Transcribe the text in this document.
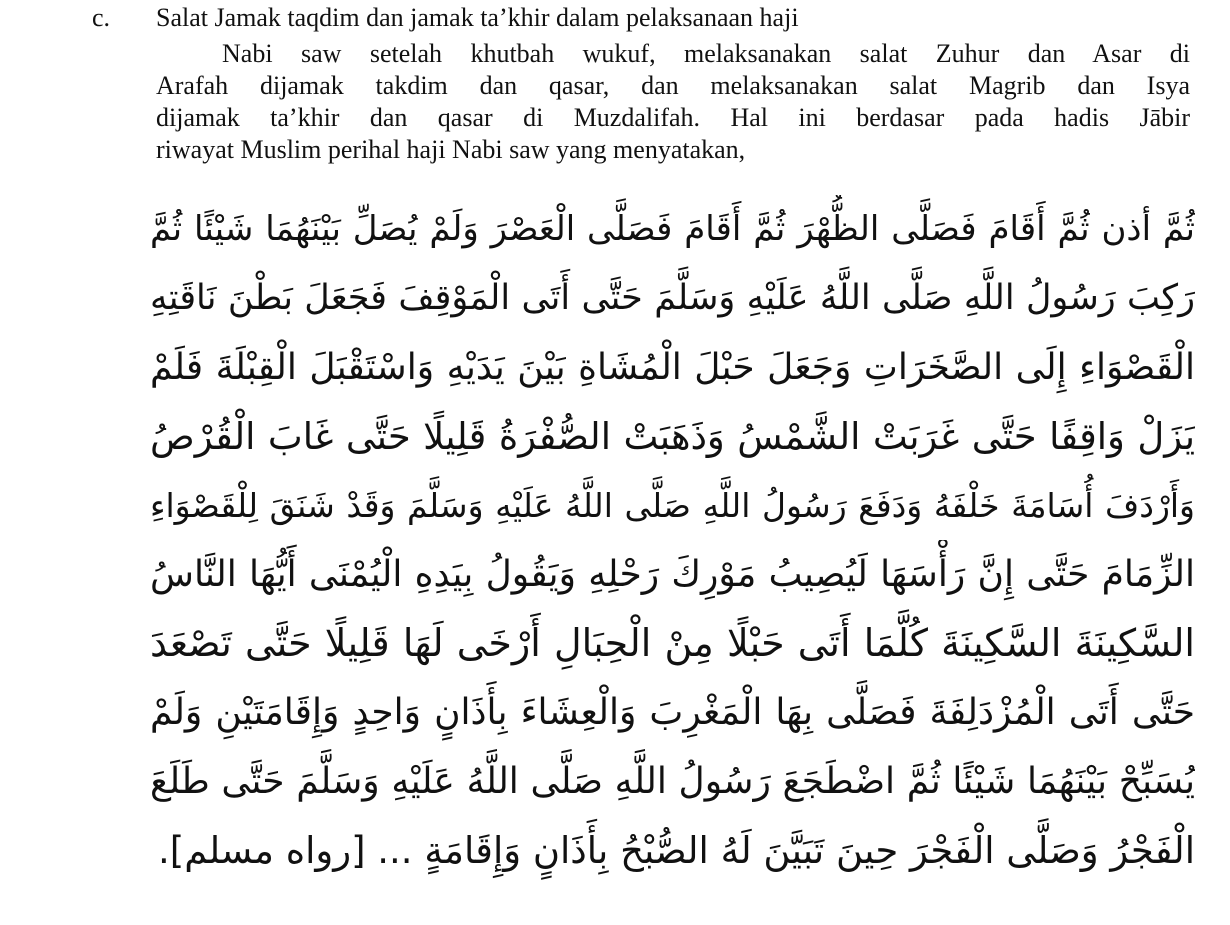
c. Salat Jamak taqdim dan jamak ta’khir dalam pelaksanaan haji
Nabi saw setelah khutbah wukuf, melaksanakan salat Zuhur dan Asar di
Arafah dijamak takdim dan qasar, dan melaksanakan salat Magrib dan Isya
dijamak ta’khir dan qasar di Muzdalifah. Hal ini berdasar pada hadis Jābir
riwayat Muslim perihal haji Nabi saw yang menyatakan,
ثُمَّ أذن ثُمَّ أَقَامَ فَصَلَّى الظُّهْرَ ثُمَّ أَقَامَ فَصَلَّى الْعَصْرَ وَلَمْ يُصَلِّ بَيْنَهُمَا شَيْئًا ثُمَّ
رَكِبَ رَسُولُ اللَّهِ صَلَّى اللَّهُ عَلَيْهِ وَسَلَّمَ حَتَّى أَتَى الْمَوْقِفَ فَجَعَلَ بَطْنَ نَاقَتِهِ
الْقَصْوَاءِ إِلَى الصَّخَرَاتِ وَجَعَلَ حَبْلَ الْمُشَاةِ بَيْنَ يَدَيْهِ وَاسْتَقْبَلَ الْقِبْلَةَ فَلَمْ
يَزَلْ وَاقِفًا حَتَّى غَرَبَتْ الشَّمْسُ وَذَهَبَتْ الصُّفْرَةُ قَلِيلًا حَتَّى غَابَ الْقُرْصُ
وَأَرْدَفَ أُسَامَةَ خَلْفَهُ وَدَفَعَ رَسُولُ اللَّهِ صَلَّى اللَّهُ عَلَيْهِ وَسَلَّمَ وَقَدْ شَنَقَ لِلْقَصْوَاءِ
الزِّمَامَ حَتَّى إِنَّ رَأْسَهَا لَيُصِيبُ مَوْرِكَ رَحْلِهِ وَيَقُولُ بِيَدِهِ الْيُمْنَى أَيُّهَا النَّاسُ
السَّكِينَةَ السَّكِينَةَ كُلَّمَا أَتَى حَبْلًا مِنْ الْحِبَالِ أَرْخَى لَهَا قَلِيلًا حَتَّى تَصْعَدَ
حَتَّى أَتَى الْمُزْدَلِفَةَ فَصَلَّى بِهَا الْمَغْرِبَ وَالْعِشَاءَ بِأَذَانٍ وَاحِدٍ وَإِقَامَتَيْنِ وَلَمْ
يُسَبِّحْ بَيْنَهُمَا شَيْئًا ثُمَّ اضْطَجَعَ رَسُولُ اللَّهِ صَلَّى اللَّهُ عَلَيْهِ وَسَلَّمَ حَتَّى طَلَعَ
الْفَجْرُ وَصَلَّى الْفَجْرَ حِينَ تَبَيَّنَ لَهُ الصُّبْحُ بِأَذَانٍ وَإِقَامَةٍ ... [رواه مسلم].
